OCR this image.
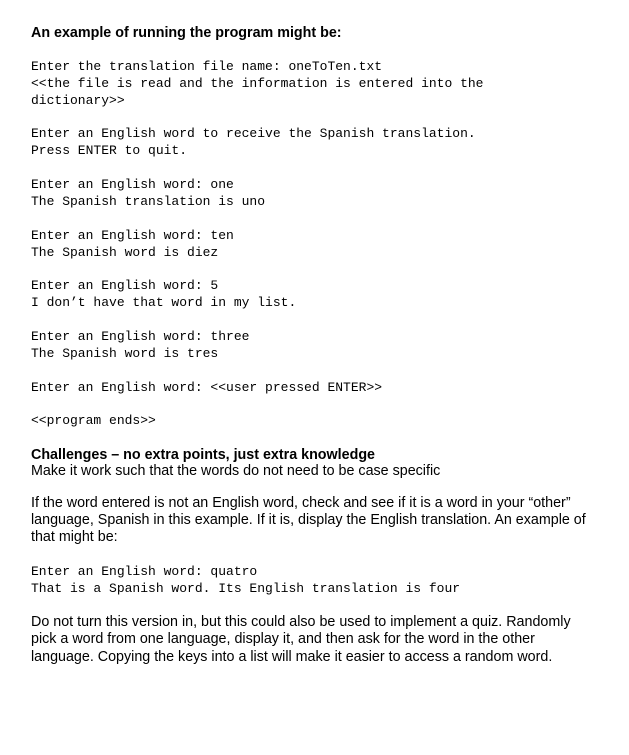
An example of running the program might be:
Enter the translation file name: oneToTen.txt
<<the file is read and the information is entered into the
dictionary>>
Enter an English word to receive the Spanish translation.
Press ENTER to quit.
Enter an English word: one
The Spanish translation is uno
Enter an English word: ten
The Spanish word is diez
Enter an English word: 5
I don’t have that word in my list.
Enter an English word: three
The Spanish word is tres
Enter an English word: <<user pressed ENTER>>
<<program ends>>
Challenges – no extra points, just extra knowledge
Make it work such that the words do not need to be case specific
If the word entered is not an English word, check and see if it is a word in your “other”
language, Spanish in this example. If it is, display the English translation. An example of
that might be:
Enter an English word: quatro
That is a Spanish word. Its English translation is four
Do not turn this version in, but this could also be used to implement a quiz. Randomly
pick a word from one language, display it, and then ask for the word in the other
language. Copying the keys into a list will make it easier to access a random word.
